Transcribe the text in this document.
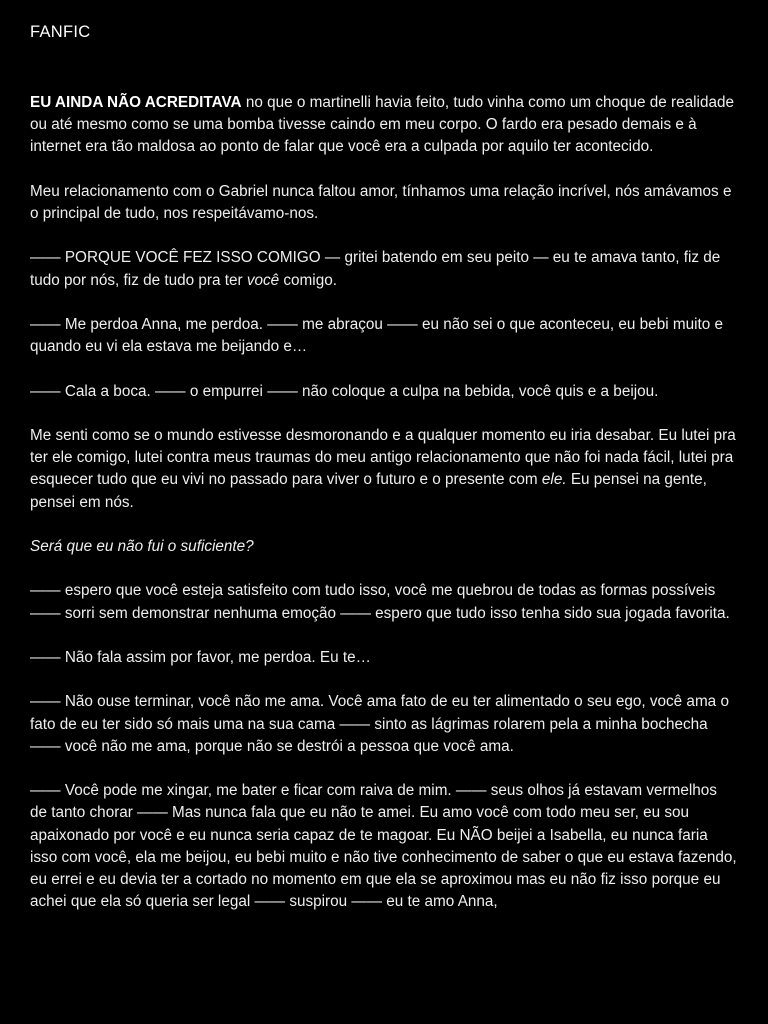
FANFIC

EU AINDA NÃO ACREDITAVA no que o martinelli havia feito, tudo vinha como um choque de realidade ou até mesmo como se uma bomba tivesse caindo em meu corpo. O fardo era pesado demais e à internet era tão maldosa ao ponto de falar que você era a culpada por aquilo ter acontecido.

Meu relacionamento com o Gabriel nunca faltou amor, tínhamos uma relação incrível, nós amávamos e o principal de tudo, nos respeitávamo-nos.

—— PORQUE VOCÊ FEZ ISSO COMIGO — gritei batendo em seu peito — eu te amava tanto, fiz de tudo por nós, fiz de tudo pra ter você comigo.

—— Me perdoa Anna, me perdoa. —— me abraçou —— eu não sei o que aconteceu, eu bebi muito e quando eu vi ela estava me beijando e…

—— Cala a boca. —— o empurrei —— não coloque a culpa na bebida, você quis e a beijou.

Me senti como se o mundo estivesse desmoronando e a qualquer momento eu iria desabar. Eu lutei pra ter ele comigo, lutei contra meus traumas do meu antigo relacionamento que não foi nada fácil, lutei pra esquecer tudo que eu vivi no passado para viver o futuro e o presente com ele. Eu pensei na gente, pensei em nós.

Será que eu não fui o suficiente?

—— espero que você esteja satisfeito com tudo isso, você me quebrou de todas as formas possíveis —— sorri sem demonstrar nenhuma emoção —— espero que tudo isso tenha sido sua jogada favorita.

—— Não fala assim por favor, me perdoa. Eu te…

—— Não ouse terminar, você não me ama. Você ama fato de eu ter alimentado o seu ego, você ama o fato de eu ter sido só mais uma na sua cama —— sinto as lágrimas rolarem pela a minha bochecha —— você não me ama, porque não se destrói a pessoa que você ama.

—— Você pode me xingar, me bater e ficar com raiva de mim. —— seus olhos já estavam vermelhos de tanto chorar —— Mas nunca fala que eu não te amei. Eu amo você com todo meu ser, eu sou apaixonado por você e eu nunca seria capaz de te magoar. Eu NÃO beijei a Isabella, eu nunca faria isso com você, ela me beijou, eu bebi muito e não tive conhecimento de saber o que eu estava fazendo, eu errei e eu devia ter a cortado no momento em que ela se aproximou mas eu não fiz isso porque eu achei que ela só queria ser legal —— suspirou —— eu te amo Anna,
